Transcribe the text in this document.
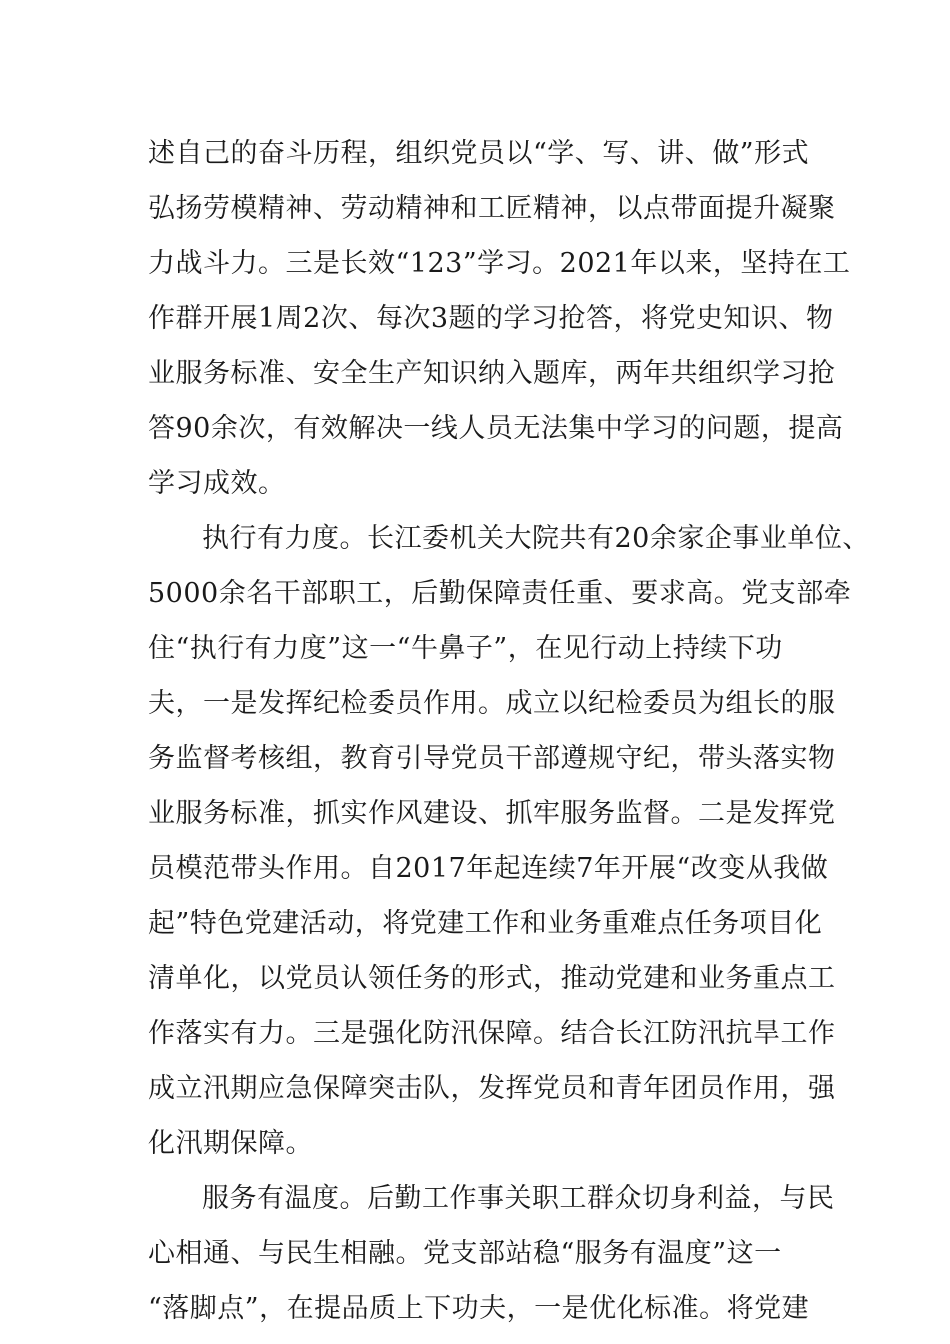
述自己的奋斗历程，组织党员以“学、写、讲、做”形式
弘扬劳模精神、劳动精神和工匠精神，以点带面提升凝聚
力战斗力。三是长效“123”学习。2021年以来，坚持在工
作群开展1周2次、每次3题的学习抢答，将党史知识、物
业服务标准、安全生产知识纳入题库，两年共组织学习抢
答90余次，有效解决一线人员无法集中学习的问题，提高
学习成效。
执行有力度。长江委机关大院共有20余家企事业单位、
5000余名干部职工，后勤保障责任重、要求高。党支部牵
住“执行有力度”这一“牛鼻子”，在见行动上持续下功
夫，一是发挥纪检委员作用。成立以纪检委员为组长的服
务监督考核组，教育引导党员干部遵规守纪，带头落实物
业服务标准，抓实作风建设、抓牢服务监督。二是发挥党
员模范带头作用。自2017年起连续7年开展“改变从我做
起”特色党建活动，将党建工作和业务重难点任务项目化
清单化，以党员认领任务的形式，推动党建和业务重点工
作落实有力。三是强化防汛保障。结合长江防汛抗旱工作
成立汛期应急保障突击队，发挥党员和青年团员作用，强
化汛期保障。
服务有温度。后勤工作事关职工群众切身利益，与民
心相通、与民生相融。党支部站稳“服务有温度”这一
“落脚点”，在提品质上下功夫，一是优化标准。将党建
